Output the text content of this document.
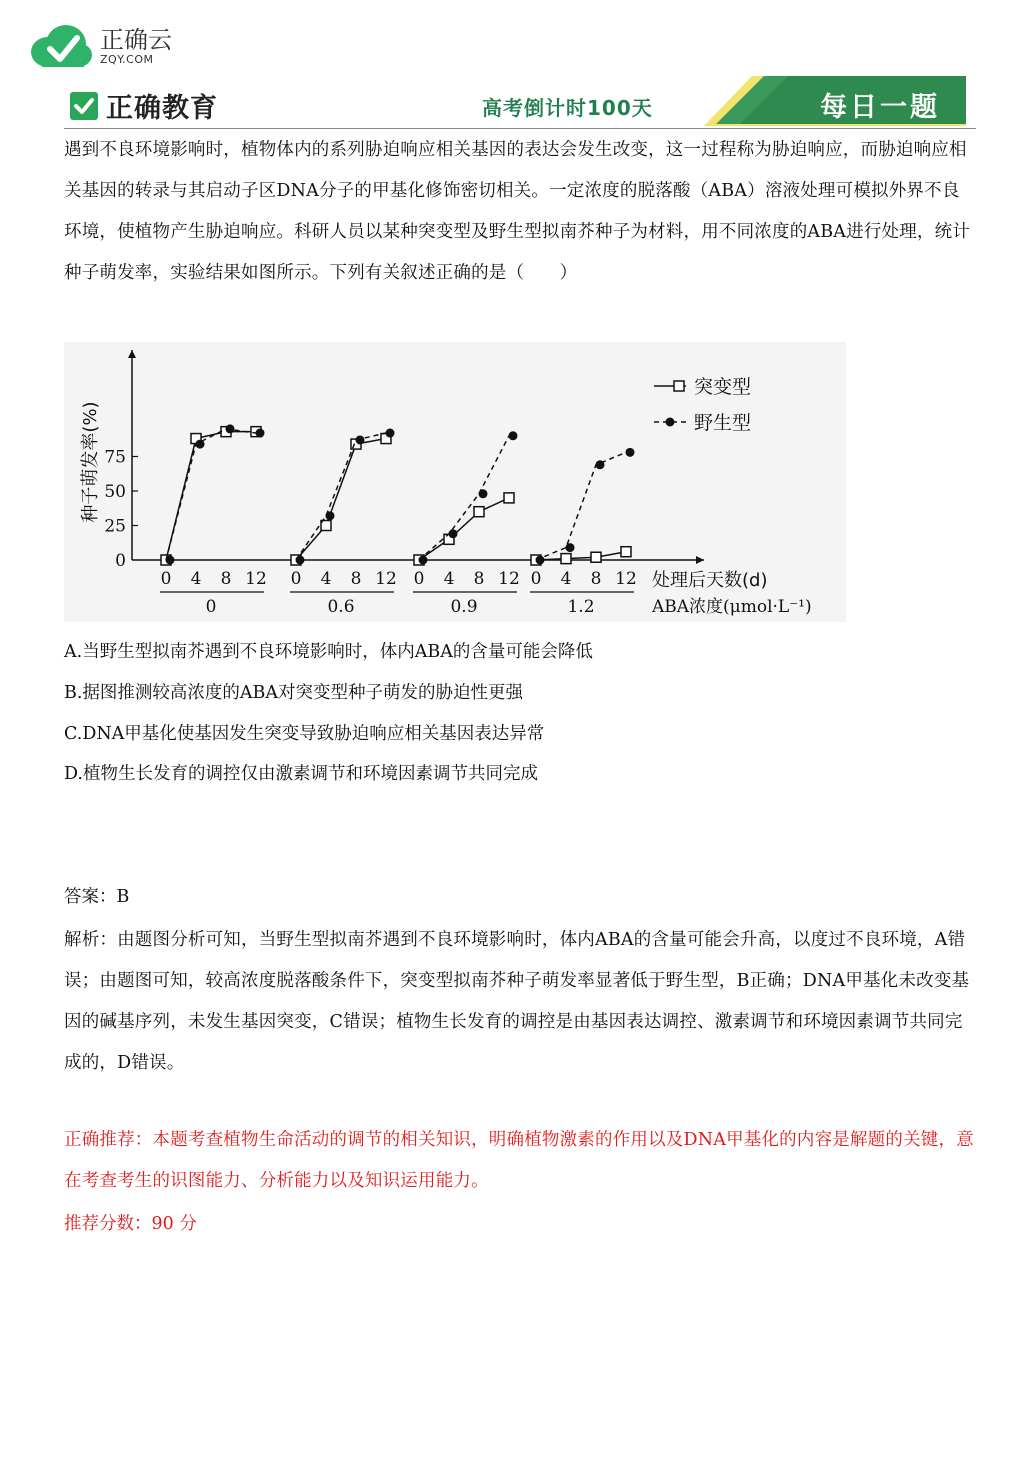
正确云
ZQY.COM
正确教育	高考倒计时100天	每日一题
遇到不良环境影响时，植物体内的系列胁迫响应相关基因的表达会发生改变，这一过程称为胁迫响应，而胁迫响应相关基因的转录与其启动子区DNA分子的甲基化修饰密切相关。一定浓度的脱落酸（ABA）溶液处理可模拟外界不良环境，使植物产生胁迫响应。科研人员以某种突变型及野生型拟南芥种子为材料，用不同浓度的ABA进行处理，统计种子萌发率，实验结果如图所示。下列有关叙述正确的是（　　）
0
25
50
75
种子萌发率(%)
0 4 8 12
0
0 4 8 12
0.6
0 4 8 12
0.9
0 4 8 12
1.2
处理后天数(d)
ABA浓度(μmol·L⁻¹)
突变型
野生型
A.当野生型拟南芥遇到不良环境影响时，体内ABA的含量可能会降低
B.据图推测较高浓度的ABA对突变型种子萌发的胁迫性更强
C.DNA甲基化使基因发生突变导致胁迫响应相关基因表达异常
D.植物生长发育的调控仅由激素调节和环境因素调节共同完成
答案：B
解析：由题图分析可知，当野生型拟南芥遇到不良环境影响时，体内ABA的含量可能会升高，以度过不良环境，A错误；由题图可知，较高浓度脱落酸条件下，突变型拟南芥种子萌发率显著低于野生型，B正确；DNA甲基化未改变基因的碱基序列，未发生基因突变，C错误；植物生长发育的调控是由基因表达调控、激素调节和环境因素调节共同完成的，D错误。
正确推荐：本题考查植物生命活动的调节的相关知识，明确植物激素的作用以及DNA甲基化的内容是解题的关键，意在考查考生的识图能力、分析能力以及知识运用能力。
推荐分数：90 分
